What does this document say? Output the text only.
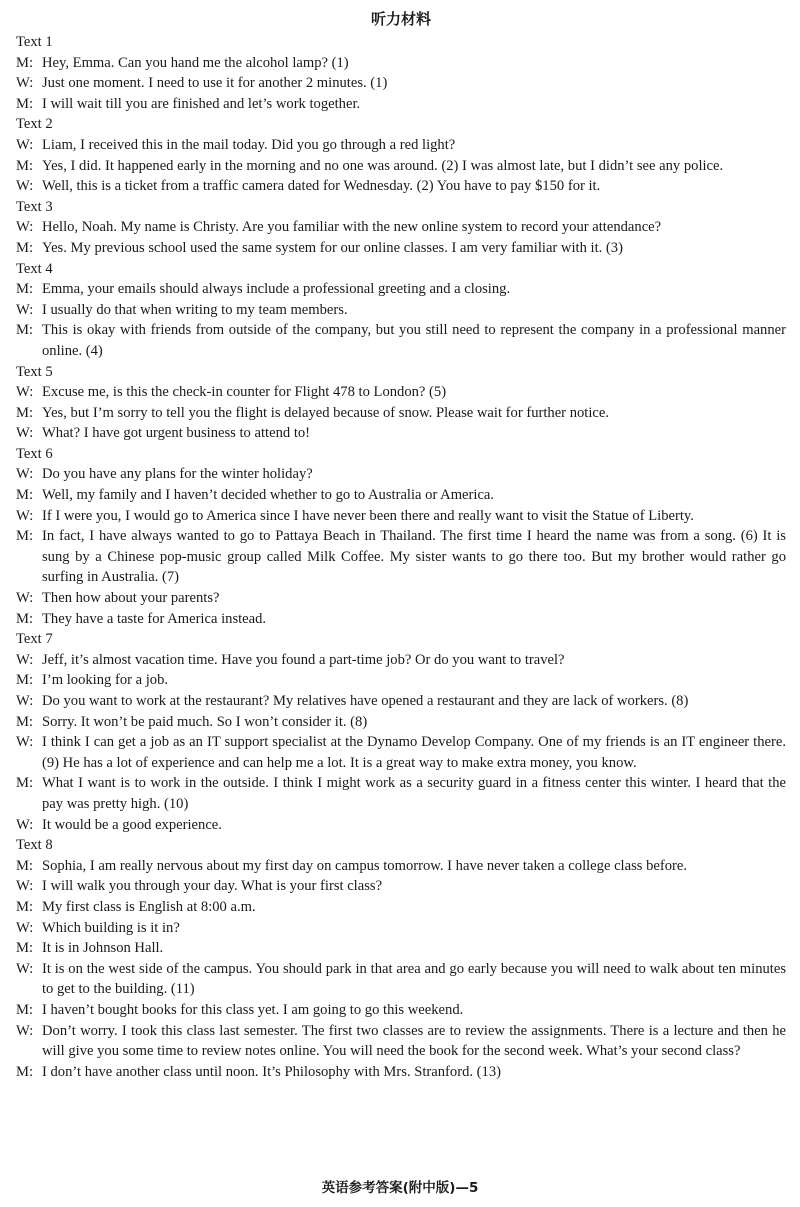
听力材料
Text 1
M: Hey, Emma. Can you hand me the alcohol lamp? (1)
W: Just one moment. I need to use it for another 2 minutes. (1)
M: I will wait till you are finished and let’s work together.
Text 2
W: Liam, I received this in the mail today. Did you go through a red light?
M: Yes, I did. It happened early in the morning and no one was around. (2) I was almost late, but I didn’t see any police.
W: Well, this is a ticket from a traffic camera dated for Wednesday. (2) You have to pay $150 for it.
Text 3
W: Hello, Noah. My name is Christy. Are you familiar with the new online system to record your attendance?
M: Yes. My previous school used the same system for our online classes. I am very familiar with it. (3)
Text 4
M: Emma, your emails should always include a professional greeting and a closing.
W: I usually do that when writing to my team members.
M: This is okay with friends from outside of the company, but you still need to represent the company in a professional manner online. (4)
Text 5
W: Excuse me, is this the check-in counter for Flight 478 to London? (5)
M: Yes, but I’m sorry to tell you the flight is delayed because of snow. Please wait for further notice.
W: What? I have got urgent business to attend to!
Text 6
W: Do you have any plans for the winter holiday?
M: Well, my family and I haven’t decided whether to go to Australia or America.
W: If I were you, I would go to America since I have never been there and really want to visit the Statue of Liberty.
M: In fact, I have always wanted to go to Pattaya Beach in Thailand. The first time I heard the name was from a song. (6) It is sung by a Chinese pop-music group called Milk Coffee. My sister wants to go there too. But my brother would rather go surfing in Australia. (7)
W: Then how about your parents?
M: They have a taste for America instead.
Text 7
W: Jeff, it’s almost vacation time. Have you found a part-time job? Or do you want to travel?
M: I’m looking for a job.
W: Do you want to work at the restaurant? My relatives have opened a restaurant and they are lack of workers. (8)
M: Sorry. It won’t be paid much. So I won’t consider it. (8)
W: I think I can get a job as an IT support specialist at the Dynamo Develop Company. One of my friends is an IT engineer there. (9) He has a lot of experience and can help me a lot. It is a great way to make extra money, you know.
M: What I want is to work in the outside. I think I might work as a security guard in a fitness center this winter. I heard that the pay was pretty high. (10)
W: It would be a good experience.
Text 8
M: Sophia, I am really nervous about my first day on campus tomorrow. I have never taken a college class before.
W: I will walk you through your day. What is your first class?
M: My first class is English at 8:00 a.m.
W: Which building is it in?
M: It is in Johnson Hall.
W: It is on the west side of the campus. You should park in that area and go early because you will need to walk about ten minutes to get to the building. (11)
M: I haven’t bought books for this class yet. I am going to go this weekend.
W: Don’t worry. I took this class last semester. The first two classes are to review the assignments. There is a lecture and then he will give you some time to review notes online. You will need the book for the second week. What’s your second class?
M: I don’t have another class until noon. It’s Philosophy with Mrs. Stranford. (13)
英语参考答案(附中版)—5
